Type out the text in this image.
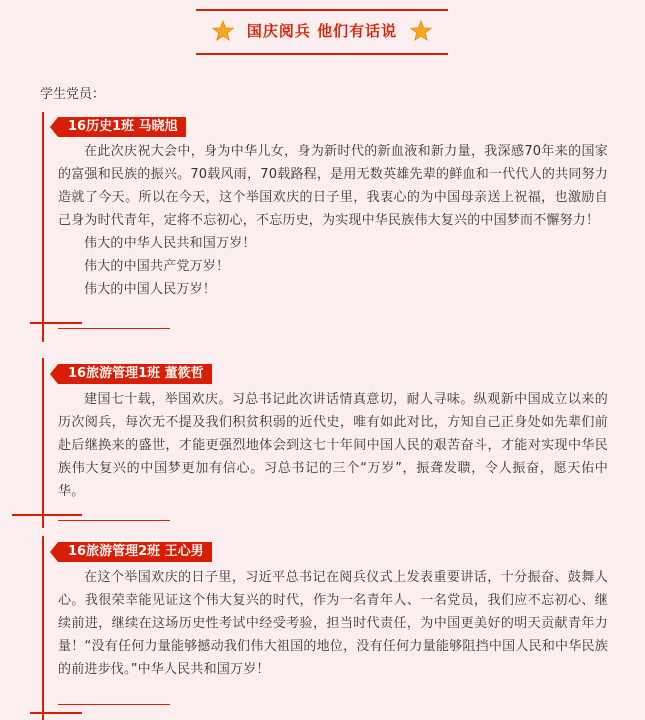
国庆阅兵 他们有话说
学生党员：
16历史1班 马晓旭

在此次庆祝大会中，身为中华儿女，身为新时代的新血液和新力量，我深感70年来的国家的富强和民族的振兴。70载风雨，70载路程，是用无数英雄先辈的鲜血和一代代人的共同努力造就了今天。所以在今天，这个举国欢庆的日子里，我衷心的为中国母亲送上祝福，也激励自己身为时代青年，定将不忘初心，不忘历史，为实现中华民族伟大复兴的中国梦而不懈努力！

伟大的中华人民共和国万岁！

伟大的中国共产党万岁！

伟大的中国人民万岁！

16旅游管理1班 董筱哲

建国七十载，举国欢庆。习总书记此次讲话情真意切，耐人寻味。纵观新中国成立以来的历次阅兵，每次无不提及我们积贫积弱的近代史，唯有如此对比，方知自己正身处如先辈们前赴后继换来的盛世，才能更强烈地体会到这七十年间中国人民的艰苦奋斗，才能对实现中华民族伟大复兴的中国梦更加有信心。习总书记的三个“万岁”，振聋发聩，令人振奋，愿天佑中华。

16旅游管理2班 王心男

在这个举国欢庆的日子里，习近平总书记在阅兵仪式上发表重要讲话，十分振奋、鼓舞人心。我很荣幸能见证这个伟大复兴的时代，作为一名青年人、一名党员，我们应不忘初心、继续前进，继续在这场历史性考试中经受考验，担当时代责任，为中国更美好的明天贡献青年力量！“没有任何力量能够撼动我们伟大祖国的地位，没有任何力量能够阻挡中国人民和中华民族的前进步伐。”中华人民共和国万岁！
